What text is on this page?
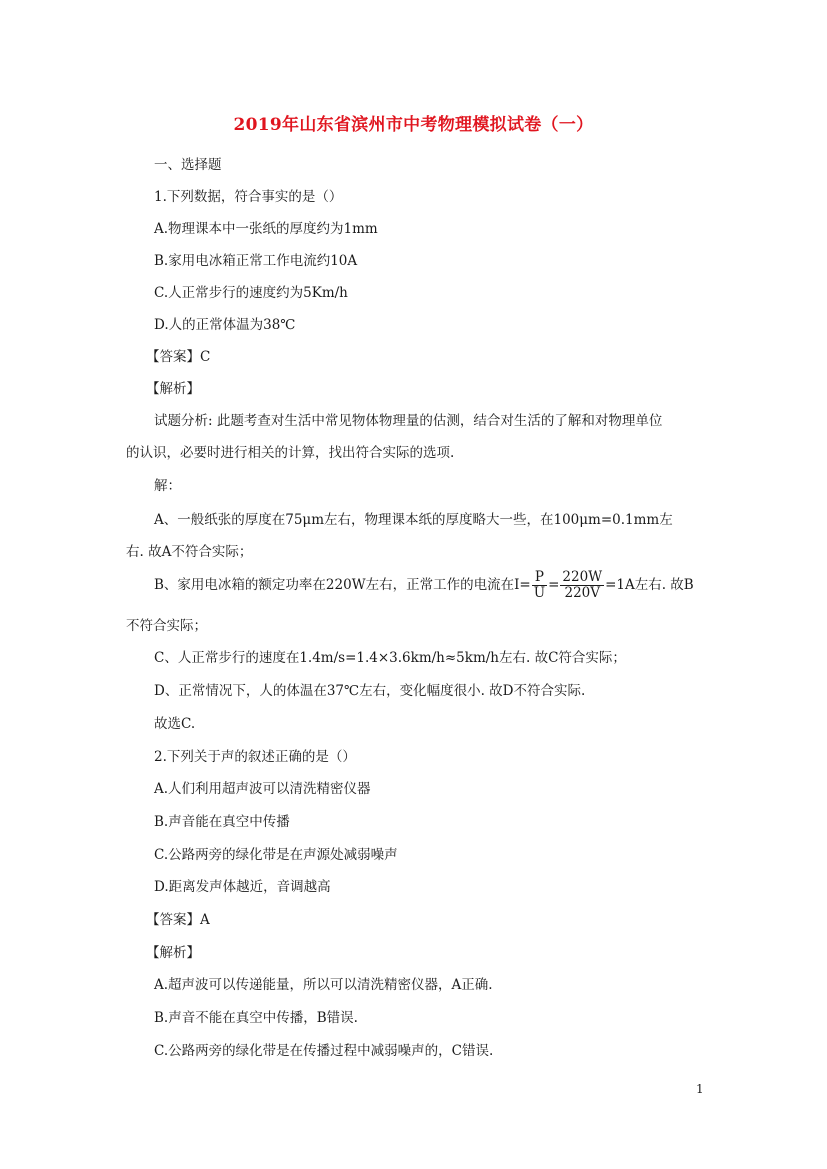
2019年山东省滨州市中考物理模拟试卷（一）
一、选择题
1.下列数据，符合事实的是（）
A.物理课本中一张纸的厚度约为1mm
B.家用电冰箱正常工作电流约10A
C.人正常步行的速度约为5Km/h
D.人的正常体温为38℃
【答案】C
【解析】
试题分析: 此题考查对生活中常见物体物理量的估测，结合对生活的了解和对物理单位
的认识，必要时进行相关的计算，找出符合实际的选项.
解：
A、一般纸张的厚度在75μm左右，物理课本纸的厚度略大一些，在100μm=0.1mm左
右. 故A不符合实际；
B、家用电冰箱的额定功率在220W左右，正常工作的电流在$I= \frac{P}{U} = \frac{220W}{220V} =1A$左右. 故B
不符合实际；
C、人正常步行的速度在1.4m/s=1.4×3.6km/h≈5km/h左右. 故C符合实际；
D、正常情况下，人的体温在37℃左右，变化幅度很小. 故D不符合实际.
故选C.
2.下列关于声的叙述正确的是（）
A.人们利用超声波可以清洗精密仪器
B.声音能在真空中传播
C.公路两旁的绿化带是在声源处减弱噪声
D.距离发声体越近，音调越高
【答案】A
【解析】
A.超声波可以传递能量，所以可以清洗精密仪器，A正确.
B.声音不能在真空中传播，B错误.
C.公路两旁的绿化带是在传播过程中减弱噪声的，C错误.
1
